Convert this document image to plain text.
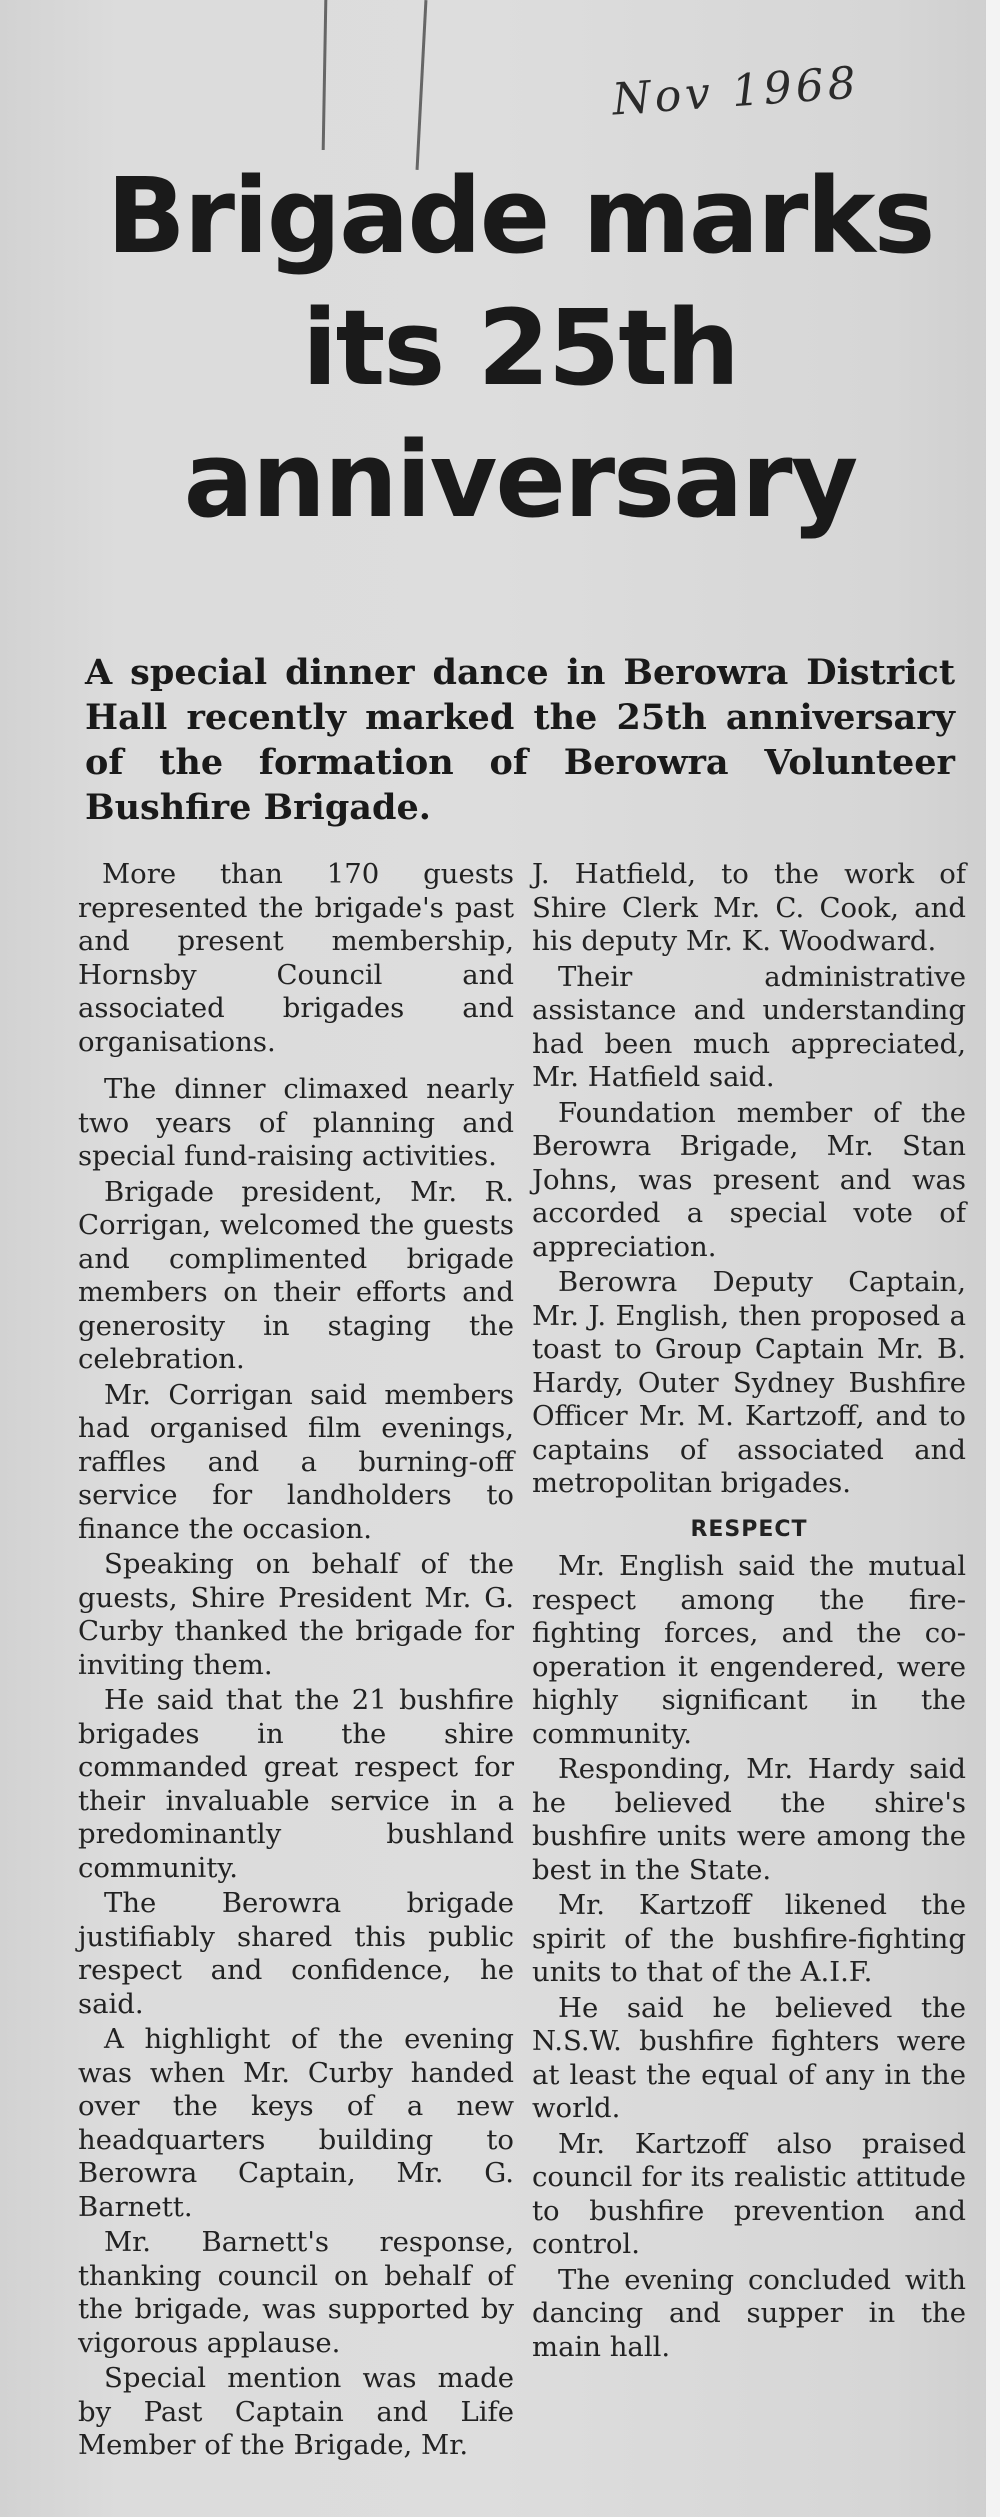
Nov 1968
Brigade marks
its 25th
anniversary

A special dinner dance in Berowra District Hall recently marked the 25th anniversary of the formation of Berowra Volunteer Bushfire Brigade.

More than 170 guests represented the brigade's past and present membership, Hornsby Council and associated brigades and organisations.

The dinner climaxed nearly two years of planning and special fund-raising activities.

Brigade president, Mr. R. Corrigan, welcomed the guests and complimented brigade members on their efforts and generosity in staging the celebration.

Mr. Corrigan said members had organised film evenings, raffles and a burning-off service for landholders to finance the occasion.

Speaking on behalf of the guests, Shire President Mr. G. Curby thanked the brigade for inviting them.

He said that the 21 bushfire brigades in the shire commanded great respect for their invaluable service in a predominantly bushland community.

The Berowra brigade justifiably shared this public respect and confidence, he said.

A highlight of the evening was when Mr. Curby handed over the keys of a new headquarters building to Berowra Captain, Mr. G. Barnett.

Mr. Barnett's response, thanking council on behalf of the brigade, was supported by vigorous applause.

Special mention was made by Past Captain and Life Member of the Brigade, Mr.

J. Hatfield, to the work of Shire Clerk Mr. C. Cook, and his deputy Mr. K. Woodward.

Their administrative assistance and understanding had been much appreciated, Mr. Hatfield said.

Foundation member of the Berowra Brigade, Mr. Stan Johns, was present and was accorded a special vote of appreciation.

Berowra Deputy Captain, Mr. J. English, then proposed a toast to Group Captain Mr. B. Hardy, Outer Sydney Bushfire Officer Mr. M. Kartzoff, and to captains of associated and metropolitan brigades.

RESPECT

Mr. English said the mutual respect among the fire-fighting forces, and the co-operation it engendered, were highly significant in the community.

Responding, Mr. Hardy said he believed the shire's bushfire units were among the best in the State.

Mr. Kartzoff likened the spirit of the bushfire-fighting units to that of the A.I.F.

He said he believed the N.S.W. bushfire fighters were at least the equal of any in the world.

Mr. Kartzoff also praised council for its realistic attitude to bushfire prevention and control.

The evening concluded with dancing and supper in the main hall.
